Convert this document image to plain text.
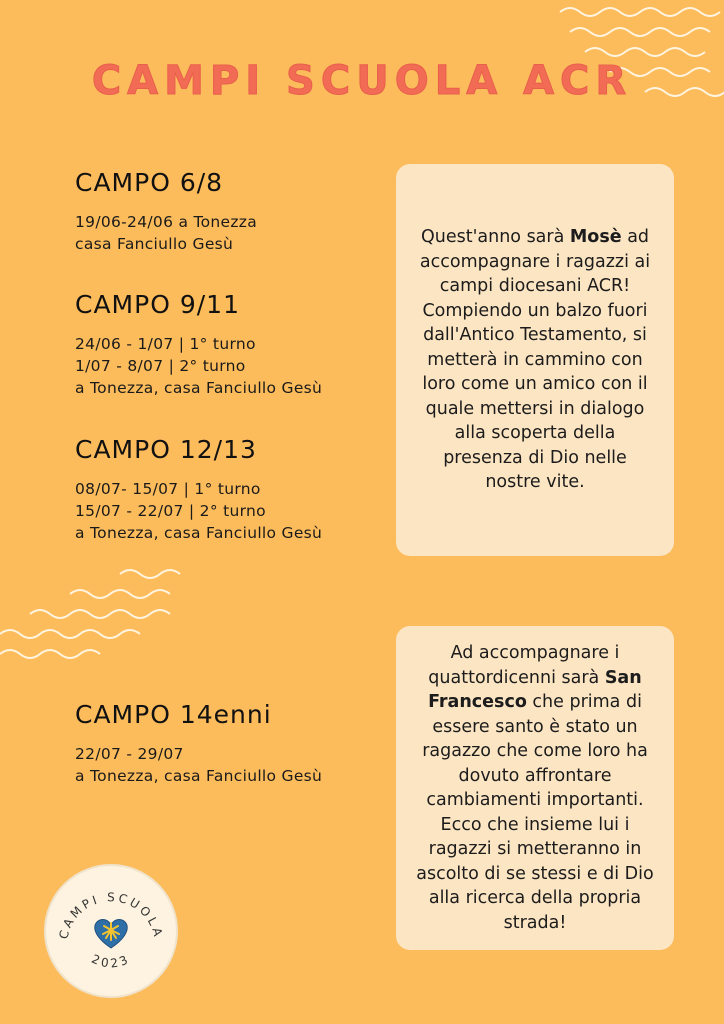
CAMPI SCUOLA ACR
CAMPO 6/8
19/06-24/06 a Tonezza
casa Fanciullo Gesù
CAMPO 9/11
24/06 - 1/07 | 1° turno
1/07 - 8/07 | 2° turno
a Tonezza, casa Fanciullo Gesù
CAMPO 12/13
08/07- 15/07 | 1° turno
15/07 - 22/07 | 2° turno
a Tonezza, casa Fanciullo Gesù
CAMPO 14enni
22/07 - 29/07
a Tonezza, casa Fanciullo Gesù

Quest'anno sarà Mosè ad accompagnare i ragazzi ai campi diocesani ACR! Compiendo un balzo fuori dall'Antico Testamento, si metterà in cammino con loro come un amico con il quale mettersi in dialogo alla scoperta della presenza di Dio nelle nostre vite.

Ad accompagnare i quattordicenni sarà San Francesco che prima di essere santo è stato un ragazzo che come loro ha dovuto affrontare cambiamenti importanti. Ecco che insieme lui i ragazzi si metteranno in ascolto di se stessi e di Dio alla ricerca della propria strada!

CAMPI SCUOLA
2023
